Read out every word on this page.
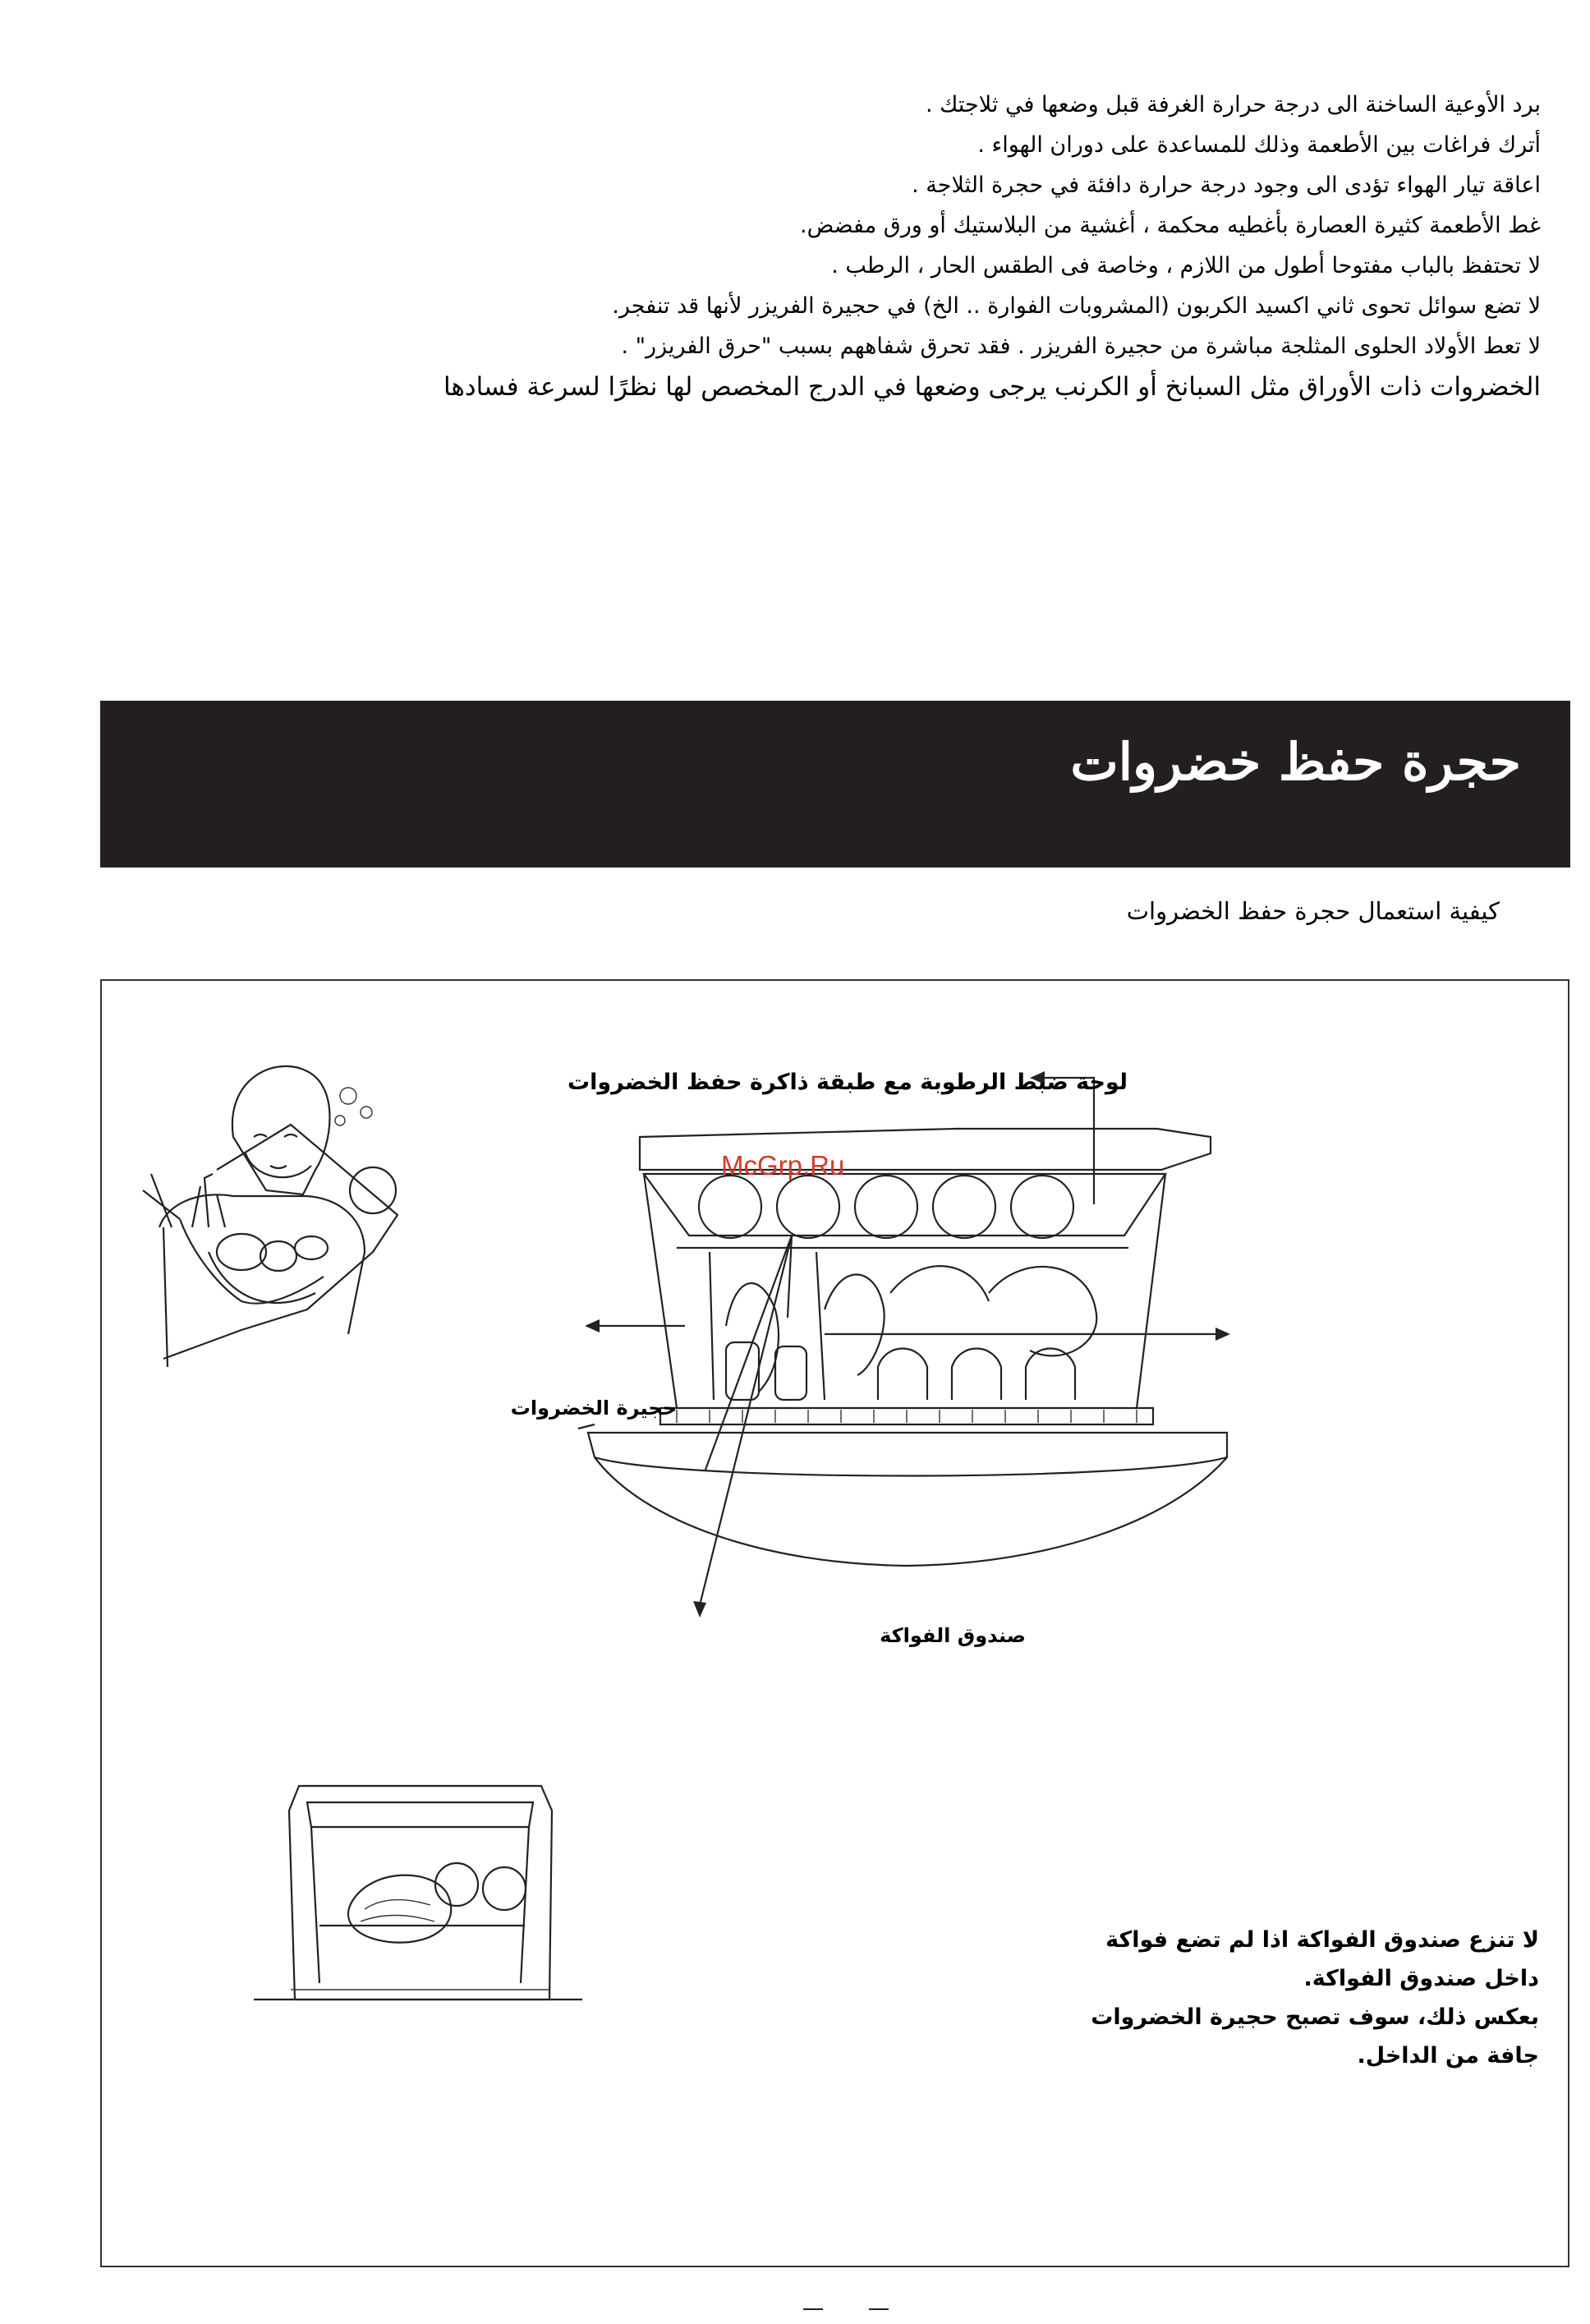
برد الأوعية الساخنة الى درجة حرارة الغرفة قبل وضعها في ثلاجتك .
أترك فراغات بين الأطعمة وذلك للمساعدة على دوران الهواء .
اعاقة تيار الهواء تؤدى الى وجود درجة حرارة دافئة في حجرة الثلاجة .
غط الأطعمة كثيرة العصارة بأغطيه محكمة ، أغشية من البلاستيك أو ورق مفضض.
لا تحتفظ بالباب مفتوحا أطول من اللازم ، وخاصة فى الطقس الحار ، الرطب .
لا تضع سوائل تحوى ثاني اكسيد الكربون (المشروبات الفوارة .. الخ) في حجيرة الفريزر لأنها قد تنفجر.
لا تعط الأولاد الحلوى المثلجة مباشرة من حجيرة الفريزر . فقد تحرق شفاههم بسبب "حرق الفريزر" .
الخضروات ذات الأوراق مثل السبانخ أو الكرنب يرجى وضعها في الدرج المخصص لها نظرًا لسرعة فسادها
حجرة حفظ خضروات
كيفية استعمال حجرة حفظ الخضروات
لوحة ضبط الرطوبة مع طبقة ذاكرة حفظ الخضروات
حجيرة الخضروات
صندوق الفواكة
McGrp.Ru
لا تنزع صندوق الفواكة اذا لم تضع فواكة
داخل صندوق الفواكة.
بعكس ذلك، سوف تصبح حجيرة الخضروات
جافة من الداخل.
